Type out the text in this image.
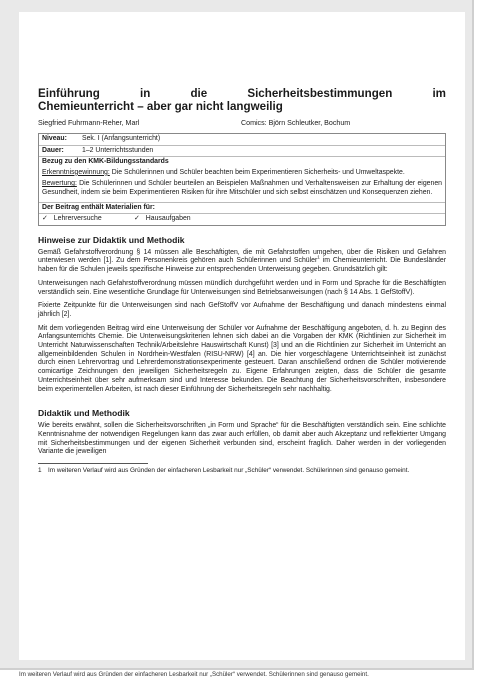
Einführung in die Sicherheitsbestimmungen im
Chemieunterricht – aber gar nicht langweilig
Siegfried Fuhrmann-Reher, Marl	Comics: Björn Schleutker, Bochum
Niveau:	Sek. I (Anfangsunterricht)
Dauer:	1–2 Unterrichtsstunden
Bezug zu den KMK-Bildungsstandards

Erkenntnisgewinnung: Die Schülerinnen und Schüler beachten beim Experimentieren Sicherheits- und Umweltaspekte.

Bewertung: Die Schülerinnen und Schüler beurteilen an Beispielen Maßnahmen und Verhaltensweisen zur Erhaltung der eigenen Gesundheit, indem sie beim Experimentieren Risiken für ihre Mitschüler und sich selbst einschätzen und Konsequenzen ziehen.

Der Beitrag enthält Materialien für:
✓ Lehrerversuche	✓ Hausaufgaben
Hinweise zur Didaktik und Methodik

Gemäß Gefahrstoffverordnung § 14 müssen alle Beschäftigten, die mit Gefahrstoffen umgehen, über die Risiken und Gefahren unterwiesen werden [1]. Zu dem Personenkreis gehören auch Schülerinnen und Schüler$^1$ im Chemieunterricht. Die Bundesländer haben für die Schulen jeweils spezifische Hinweise zur entsprechenden Unterweisung gegeben. Grundsätzlich gilt:

Unterweisungen nach Gefahrstoffverordnung müssen mündlich durchgeführt werden und in Form und Sprache für die Beschäftigten verständlich sein. Eine wesentliche Grundlage für Unterweisungen sind Betriebsanweisungen (nach § 14 Abs. 1 GefStoffV).

Fixierte Zeitpunkte für die Unterweisungen sind nach GefStoffV vor Aufnahme der Beschäftigung und danach mindestens einmal jährlich [2].

Mit dem vorliegenden Beitrag wird eine Unterweisung der Schüler vor Aufnahme der Beschäftigung angeboten, d. h. zu Beginn des Anfangsunterrichts Chemie. Die Unterweisungskriterien lehnen sich dabei an die Vorgaben der KMK (Richtlinien zur Sicherheit im Unterricht Naturwissenschaften Technik/Arbeitslehre Hauswirtschaft Kunst) [3] und an die Richtlinien zur Sicherheit im Unterricht an allgemeinbildenden Schulen in Nordrhein-Westfalen (RISU-NRW) [4] an. Die hier vorgeschlagene Unterrichtseinheit ist zunächst durch einen Lehrervortrag und Lehrerdemonstrationsexperimente gesteuert. Daran anschließend ordnen die Schüler motivierende comicartige Zeichnungen den jeweiligen Sicherheitsregeln zu. Eigene Erfahrungen zeigten, dass die Schüler die gesamte Unterrichtseinheit über sehr aufmerksam sind und Interesse bekunden. Die Beachtung der Sicherheitsvorschriften, insbesondere beim experimentellen Arbeiten, ist nach dieser Einführung der Sicherheitsregeln sehr nachhaltig.

Didaktik und Methodik

Wie bereits erwähnt, sollen die Sicherheitsvorschriften „in Form und Sprache“ für die Beschäftigten verständlich sein. Eine schlichte Kenntnisnahme der notwendigen Regelungen kann das zwar auch erfüllen, ob damit aber auch Akzeptanz und reflektierter Umgang mit Sicherheitsbestimmungen und der eigenen Sicherheit verbunden sind, erscheint fraglich. Daher werden in der vorliegenden Variante die jeweiligen

1	Im weiteren Verlauf wird aus Gründen der einfacheren Lesbarkeit nur „Schüler“ verwendet. Schülerinnen sind genauso gemeint.
Im weiteren Verlauf wird aus Gründen der einfacheren Lesbarkeit nur „Schüler“ verwendet. Schülerinnen sind genauso gemeint.
